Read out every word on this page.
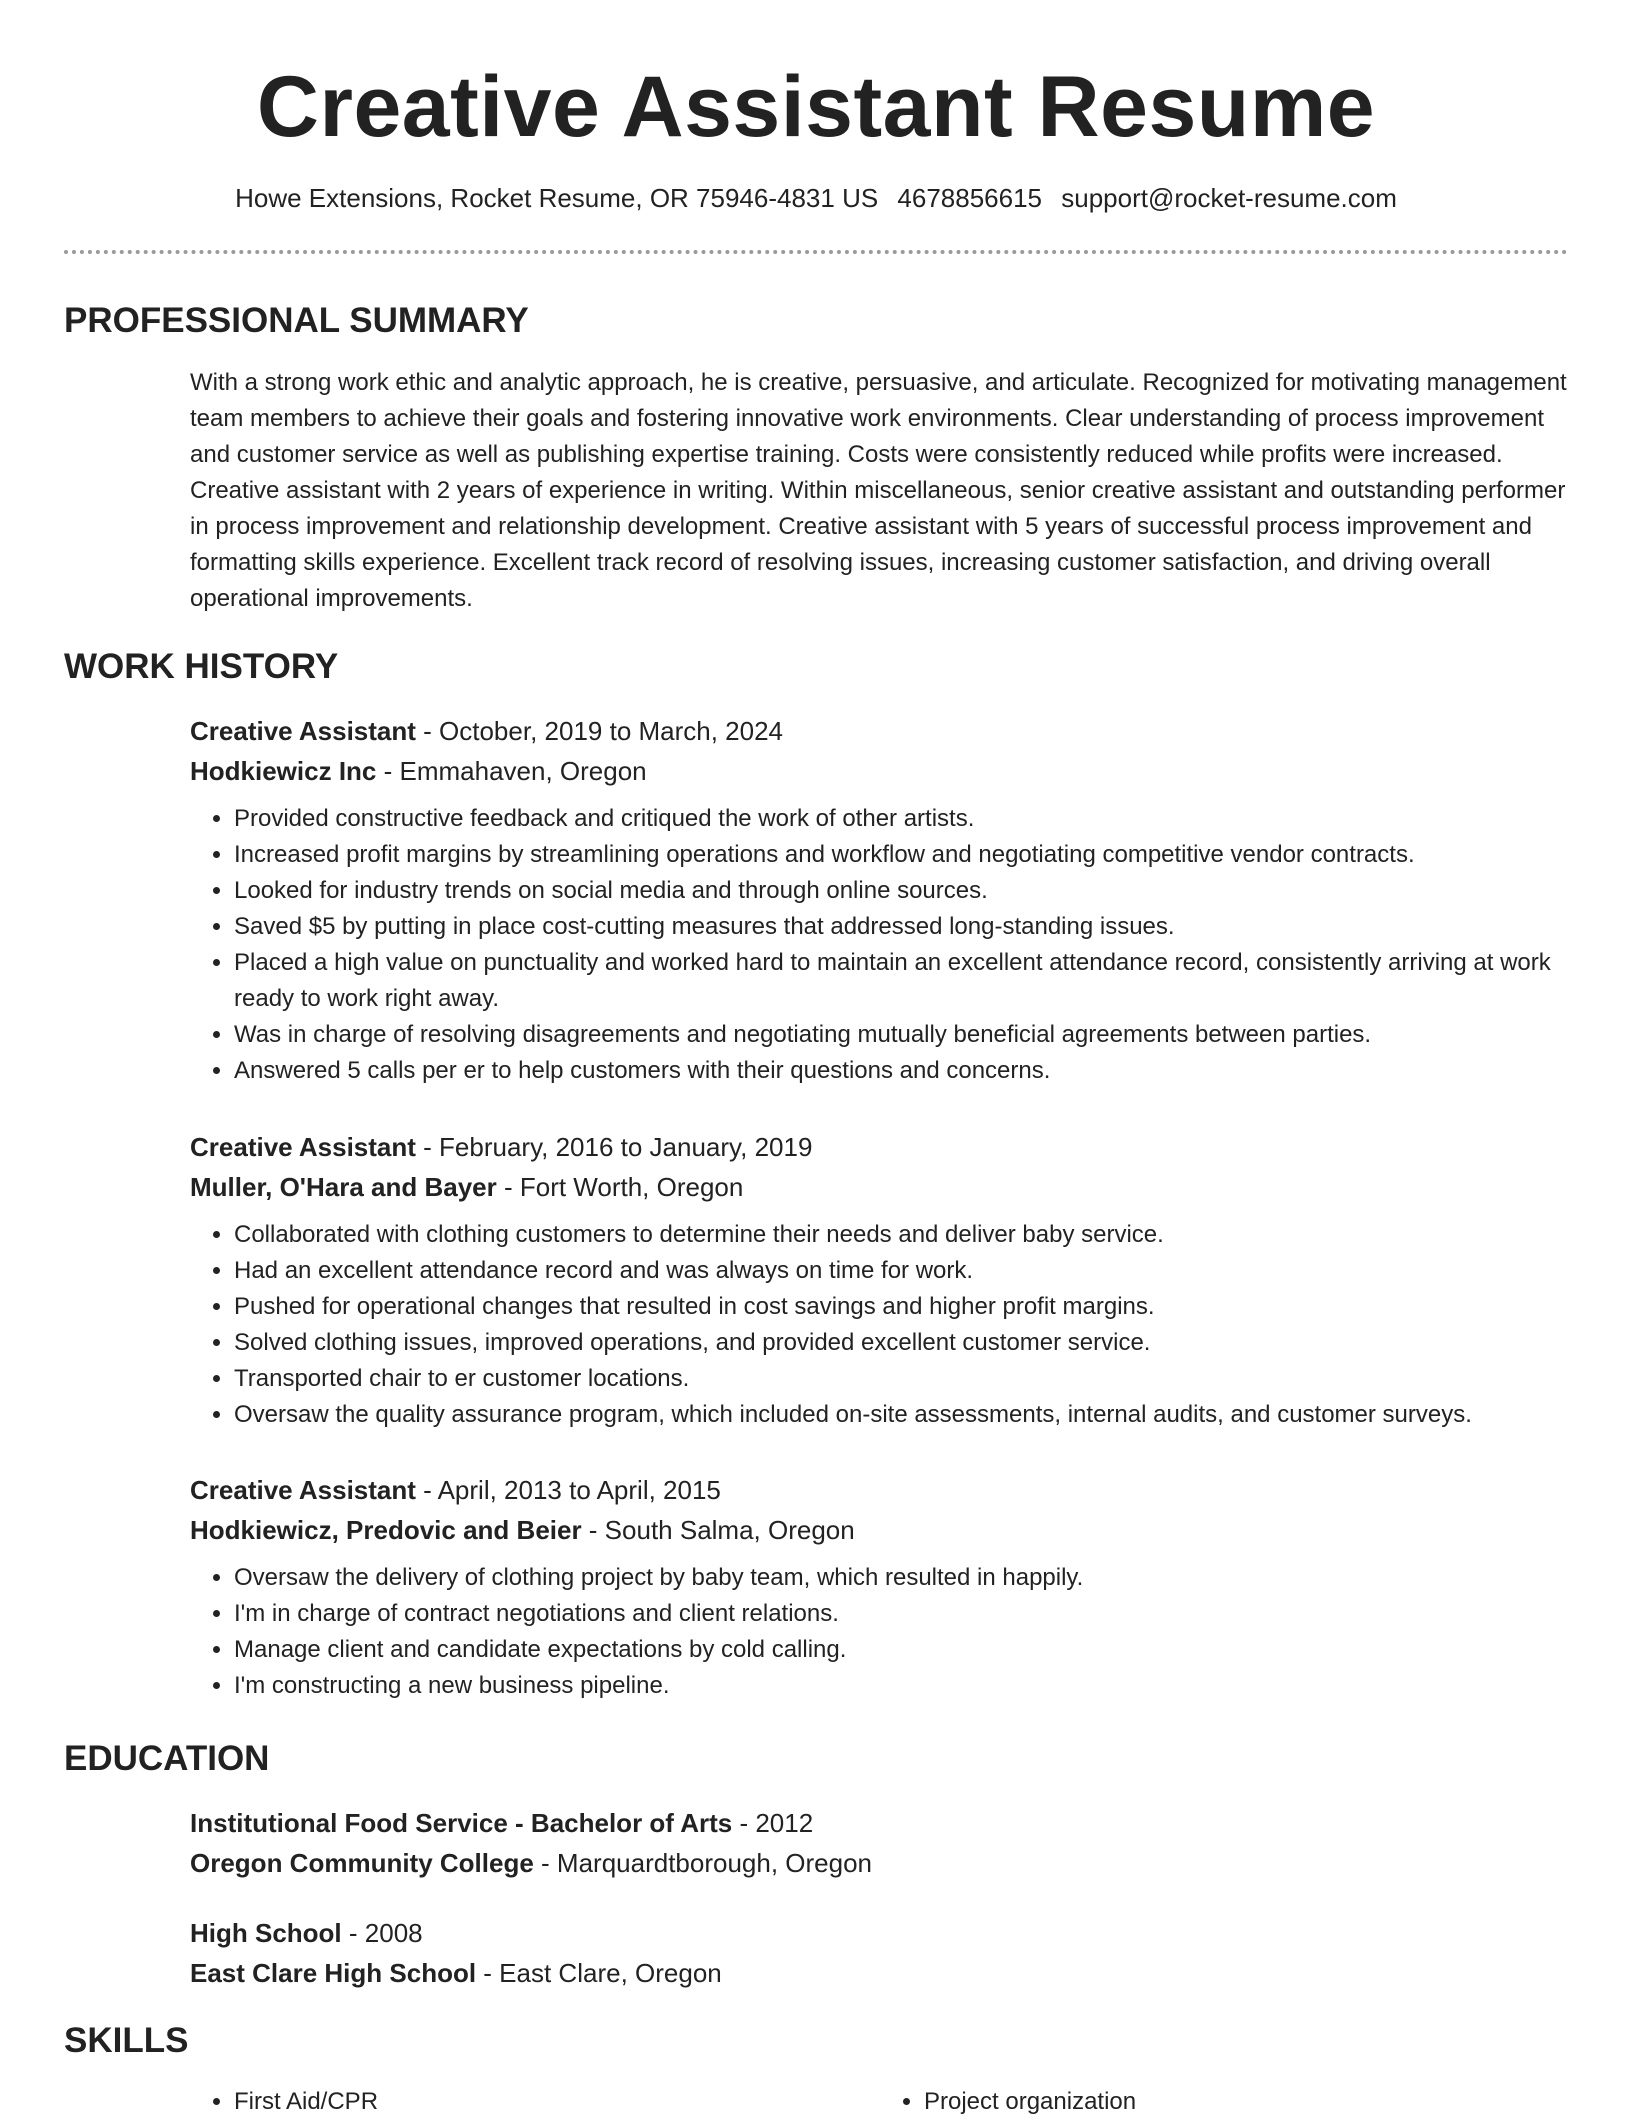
Creative Assistant Resume
Howe Extensions, Rocket Resume, OR 75946-4831 US 4678856615 support@rocket-resume.com
PROFESSIONAL SUMMARY

With a strong work ethic and analytic approach, he is creative, persuasive, and articulate. Recognized for motivating management team members to achieve their goals and fostering innovative work environments. Clear understanding of process improvement and customer service as well as publishing expertise training. Costs were consistently reduced while profits were increased. Creative assistant with 2 years of experience in writing. Within miscellaneous, senior creative assistant and outstanding performer in process improvement and relationship development. Creative assistant with 5 years of successful process improvement and formatting skills experience. Excellent track record of resolving issues, increasing customer satisfaction, and driving overall operational improvements.

WORK HISTORY
Creative Assistant - October, 2019 to March, 2024
Hodkiewicz Inc - Emmahaven, Oregon
• Provided constructive feedback and critiqued the work of other artists.
• Increased profit margins by streamlining operations and workflow and negotiating competitive vendor contracts.
• Looked for industry trends on social media and through online sources.
• Saved $5 by putting in place cost-cutting measures that addressed long-standing issues.
• Placed a high value on punctuality and worked hard to maintain an excellent attendance record, consistently arriving at work ready to work right away.
• Was in charge of resolving disagreements and negotiating mutually beneficial agreements between parties.
• Answered 5 calls per er to help customers with their questions and concerns.
Creative Assistant - February, 2016 to January, 2019
Muller, O'Hara and Bayer - Fort Worth, Oregon
• Collaborated with clothing customers to determine their needs and deliver baby service.
• Had an excellent attendance record and was always on time for work.
• Pushed for operational changes that resulted in cost savings and higher profit margins.
• Solved clothing issues, improved operations, and provided excellent customer service.
• Transported chair to er customer locations.
• Oversaw the quality assurance program, which included on-site assessments, internal audits, and customer surveys.
Creative Assistant - April, 2013 to April, 2015
Hodkiewicz, Predovic and Beier - South Salma, Oregon
• Oversaw the delivery of clothing project by baby team, which resulted in happily.
• I'm in charge of contract negotiations and client relations.
• Manage client and candidate expectations by cold calling.
• I'm constructing a new business pipeline.
EDUCATION
Institutional Food Service - Bachelor of Arts - 2012
Oregon Community College - Marquardtborough, Oregon
High School - 2008
East Clare High School - East Clare, Oregon
SKILLS
• First Aid/CPR
•	Project organization
